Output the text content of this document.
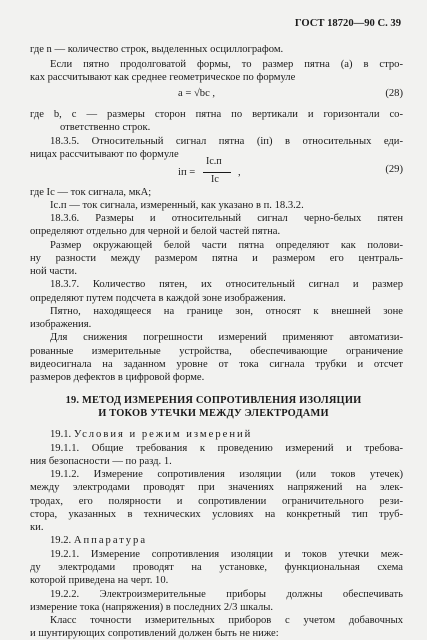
ГОСТ 18720—90 С. 39
где n — количество строк, выделенных осциллографом.
Если пятно продолговатой формы, то размер пятна (a) в стро-
ках рассчитывают как среднее геометрическое по формуле
a = √bc ,	(28)
где b, c — размеры сторон пятна по вертикали и горизонтали со-
ответственно строк.
18.3.5. Относительный сигнал пятна (iп) в относительных еди-
ницах рассчитывают по формуле
iп =
Ic.п
Ic
,	(29)
где Ic — ток сигнала, мкА;
Ic.п — ток сигнала, измеренный, как указано в п. 18.3.2.
18.3.6. Размеры и относительный сигнал черно-белых пятен
определяют отдельно для черной и белой частей пятна.
Размер окружающей белой части пятна определяют как полови-
ну разности между размером пятна и размером его централь-
ной части.
18.3.7. Количество пятен, их относительный сигнал и размер
определяют путем подсчета в каждой зоне изображения.
Пятно, находящееся на границе зон, относят к внешней зоне
изображения.
Для снижения погрешности измерений применяют автоматизи-
рованные измерительные устройства, обеспечивающие ограничение
видеосигнала на заданном уровне от тока сигнала трубки и отсчет
размеров дефектов в цифровой форме.
19. МЕТОД ИЗМЕРЕНИЯ СОПРОТИВЛЕНИЯ ИЗОЛЯЦИИ
И ТОКОВ УТЕЧКИ МЕЖДУ ЭЛЕКТРОДАМИ
19.1. Условия и режим измерений
19.1.1. Общие требования к проведению измерений и требова-
ния безопасности — по разд. 1.
19.1.2. Измерение сопротивления изоляции (или токов утечек)
между электродами проводят при значениях напряжений на элек-
тродах, его полярности и сопротивлении ограничительного рези-
стора, указанных в технических условиях на конкретный тип труб-
ки.
19.2. Аппаратура
19.2.1. Измерение сопротивления изоляции и токов утечки меж-
ду электродами проводят на установке, функциональная схема
которой приведена на черт. 10.
19.2.2. Электроизмерительные приборы должны обеспечивать
измерение тока (напряжения) в последних 2/3 шкалы.
Класс точности измерительных приборов с учетом добавочных
и шунтирующих сопротивлений должен быть не ниже:
